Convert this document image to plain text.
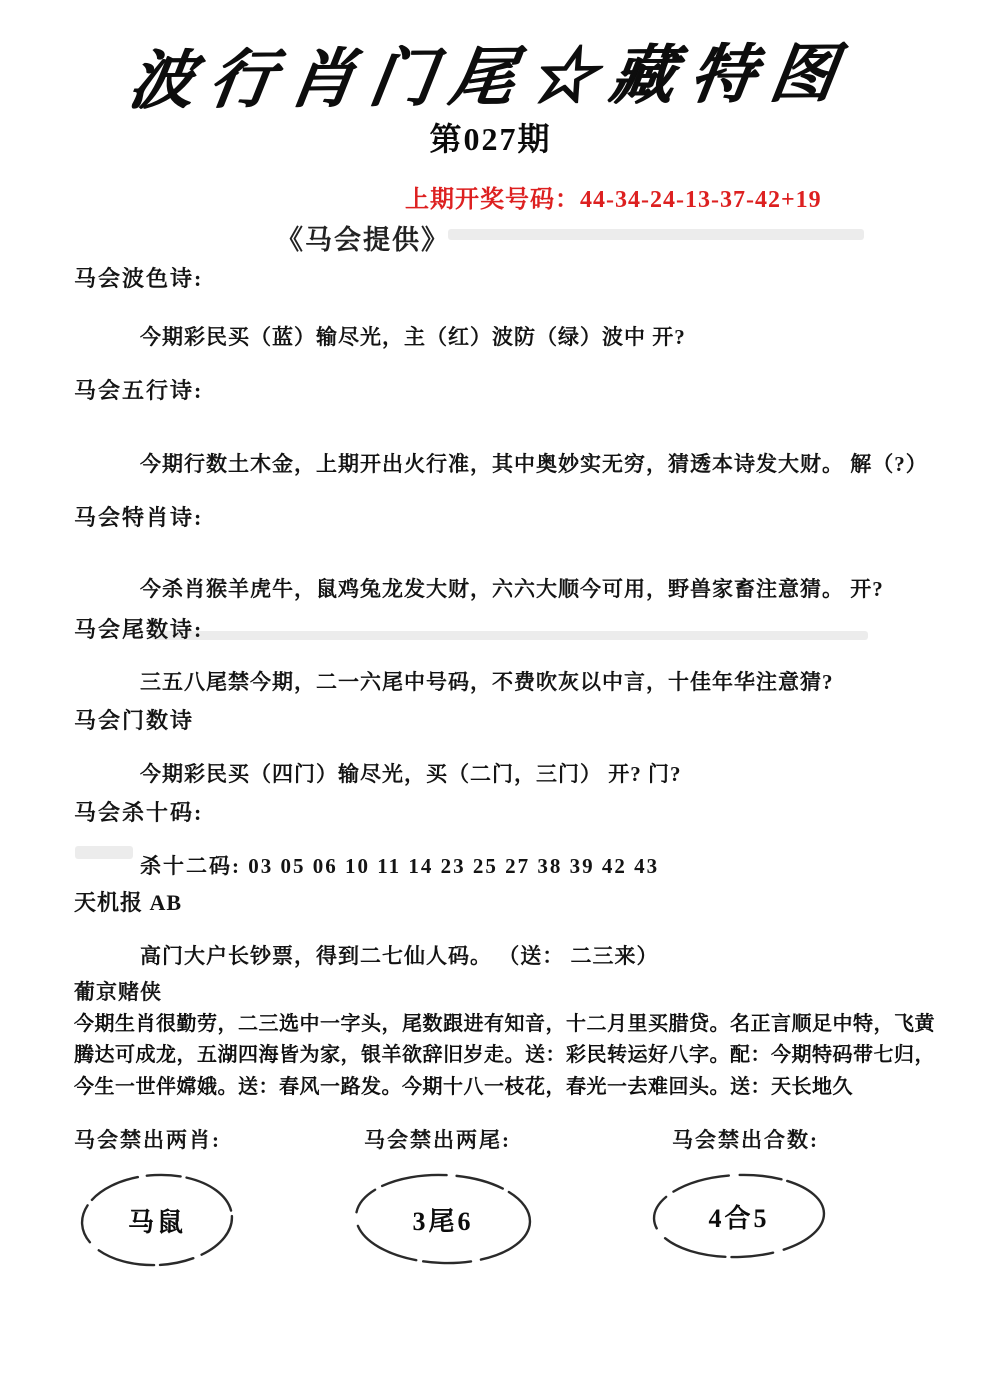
波行肖门尾☆藏特图
第027期
上期开奖号码：44-34-24-13-37-42+19
《马会提供》
马会波色诗:
今期彩民买（蓝）输尽光，主（红）波防（绿）波中 开?
马会五行诗:
今期行数土木金，上期开出火行准，其中奥妙实无穷，猜透本诗发大财。 解（?）
马会特肖诗:
今杀肖猴羊虎牛，鼠鸡兔龙发大财，六六大顺今可用，野兽家畜注意猜。 开?
马会尾数诗:
三五八尾禁今期，二一六尾中号码，不费吹灰以中言，十佳年华注意猜?
马会门数诗
今期彩民买（四门）输尽光，买（二门，三门） 开? 门?
马会杀十码:
杀十二码: 03 05 06 10 11 14 23 25 27 38 39 42 43
天机报 AB
高门大户长钞票，得到二七仙人码。 （送： 二三来）
葡京赌侠
今期生肖很勤劳，二三选中一字头，尾数跟进有知音，十二月里买腊贷。名正言顺足中特，飞黄
腾达可成龙，五湖四海皆为家，银羊欲辞旧岁走。送：彩民转运好八字。配：今期特码带七归，
今生一世伴嫦娥。送：春风一路发。今期十八一枝花，春光一去难回头。送：天长地久
马会禁出两肖:	马会禁出两尾:	马会禁出合数:
马鼠	3尾6	4合5
